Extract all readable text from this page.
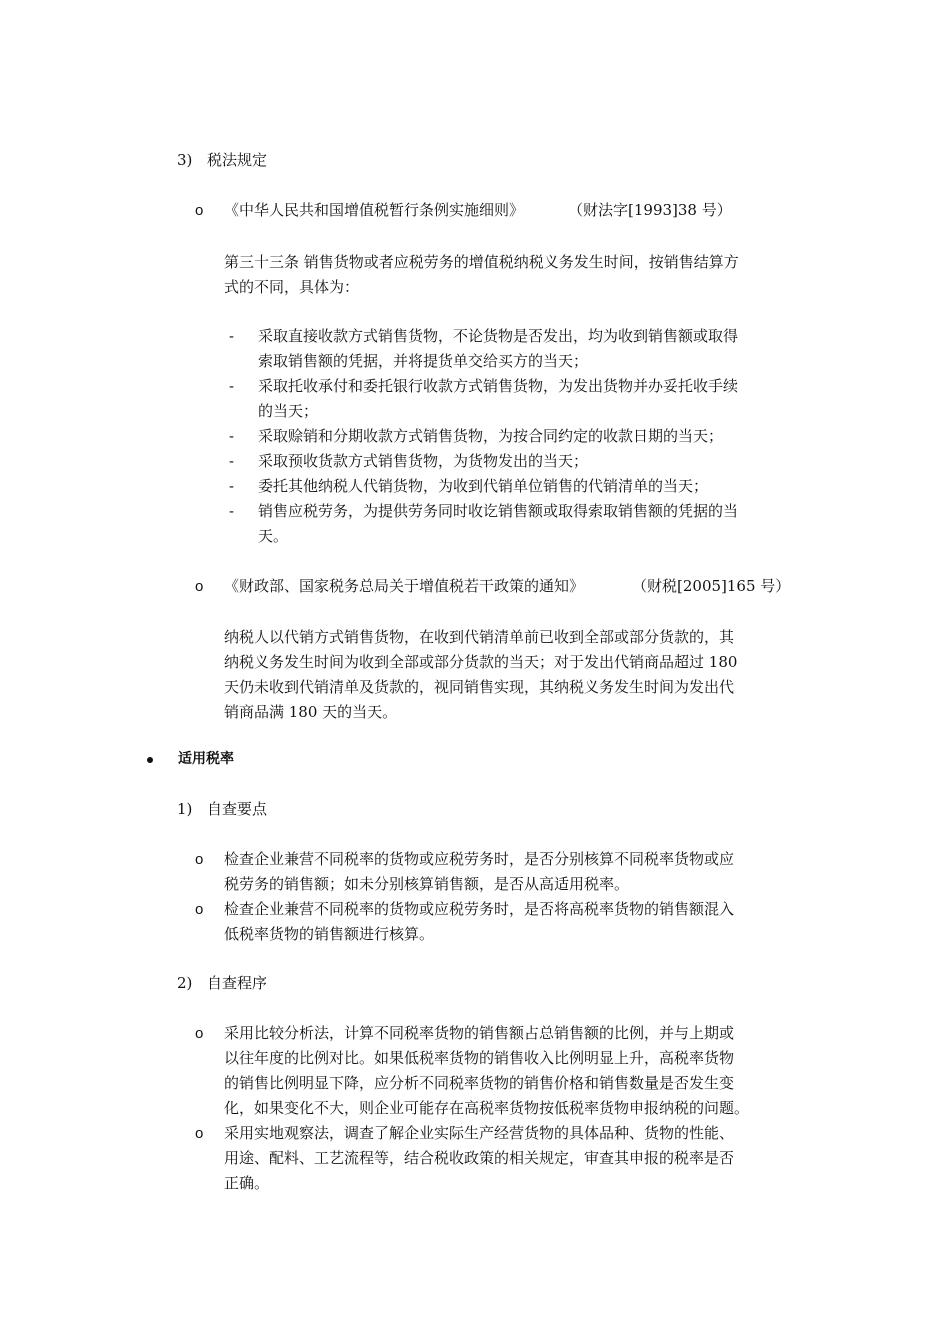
3) 税法规定
o 《中华人民共和国增值税暂行条例实施细则》	（财法字[1993]38 号）
第三十三条 销售货物或者应税劳务的增值税纳税义务发生时间，按销售结算方
式的不同，具体为：
- 采取直接收款方式销售货物，不论货物是否发出，均为收到销售额或取得
索取销售额的凭据，并将提货单交给买方的当天；
- 采取托收承付和委托银行收款方式销售货物，为发出货物并办妥托收手续
的当天；
- 采取赊销和分期收款方式销售货物，为按合同约定的收款日期的当天；
- 采取预收货款方式销售货物，为货物发出的当天；
- 委托其他纳税人代销货物，为收到代销单位销售的代销清单的当天；
- 销售应税劳务，为提供劳务同时收讫销售额或取得索取销售额的凭据的当
天。
o 《财政部、国家税务总局关于增值税若干政策的通知》	（财税[2005]165 号）
纳税人以代销方式销售货物，在收到代销清单前已收到全部或部分货款的，其
纳税义务发生时间为收到全部或部分货款的当天；对于发出代销商品超过 180
天仍未收到代销清单及货款的，视同销售实现，其纳税义务发生时间为发出代
销商品满 180 天的当天。
适用税率
1) 自查要点
o 检查企业兼营不同税率的货物或应税劳务时，是否分别核算不同税率货物或应
税劳务的销售额；如未分别核算销售额，是否从高适用税率。
o 检查企业兼营不同税率的货物或应税劳务时，是否将高税率货物的销售额混入
低税率货物的销售额进行核算。
2) 自查程序
o 采用比较分析法，计算不同税率货物的销售额占总销售额的比例，并与上期或
以往年度的比例对比。如果低税率货物的销售收入比例明显上升，高税率货物
的销售比例明显下降，应分析不同税率货物的销售价格和销售数量是否发生变
化，如果变化不大，则企业可能存在高税率货物按低税率货物申报纳税的问题。
o 采用实地观察法，调查了解企业实际生产经营货物的具体品种、货物的性能、
用途、配料、工艺流程等，结合税收政策的相关规定，审查其申报的税率是否
正确。
